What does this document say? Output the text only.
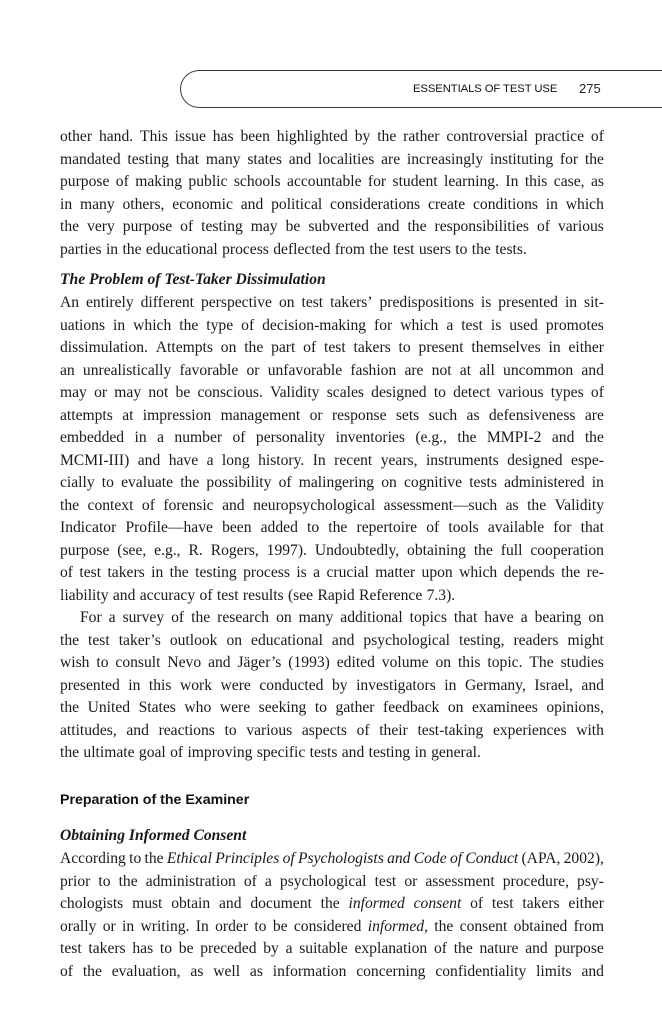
ESSENTIALS OF TEST USE 275
other hand. This issue has been highlighted by the rather controversial practice of
mandated testing that many states and localities are increasingly instituting for the
purpose of making public schools accountable for student learning. In this case, as
in many others, economic and political considerations create conditions in which
the very purpose of testing may be subverted and the responsibilities of various
parties in the educational process deflected from the test users to the tests.
The Problem of Test-Taker Dissimulation
An entirely different perspective on test takers’ predispositions is presented in sit-
uations in which the type of decision-making for which a test is used promotes
dissimulation. Attempts on the part of test takers to present themselves in either
an unrealistically favorable or unfavorable fashion are not at all uncommon and
may or may not be conscious. Validity scales designed to detect various types of
attempts at impression management or response sets such as defensiveness are
embedded in a number of personality inventories (e.g., the MMPI-2 and the
MCMI-III) and have a long history. In recent years, instruments designed espe-
cially to evaluate the possibility of malingering on cognitive tests administered in
the context of forensic and neuropsychological assessment—such as the Validity
Indicator Profile—have been added to the repertoire of tools available for that
purpose (see, e.g., R. Rogers, 1997). Undoubtedly, obtaining the full cooperation
of test takers in the testing process is a crucial matter upon which depends the re-
liability and accuracy of test results (see Rapid Reference 7.3).
For a survey of the research on many additional topics that have a bearing on
the test taker’s outlook on educational and psychological testing, readers might
wish to consult Nevo and Jäger’s (1993) edited volume on this topic. The studies
presented in this work were conducted by investigators in Germany, Israel, and
the United States who were seeking to gather feedback on examinees opinions,
attitudes, and reactions to various aspects of their test-taking experiences with
the ultimate goal of improving specific tests and testing in general.
Preparation of the Examiner
Obtaining Informed Consent
According to the Ethical Principles of Psychologists and Code of Conduct (APA, 2002),
prior to the administration of a psychological test or assessment procedure, psy-
chologists must obtain and document the informed consent of test takers either
orally or in writing. In order to be considered informed, the consent obtained from
test takers has to be preceded by a suitable explanation of the nature and purpose
of the evaluation, as well as information concerning confidentiality limits and
